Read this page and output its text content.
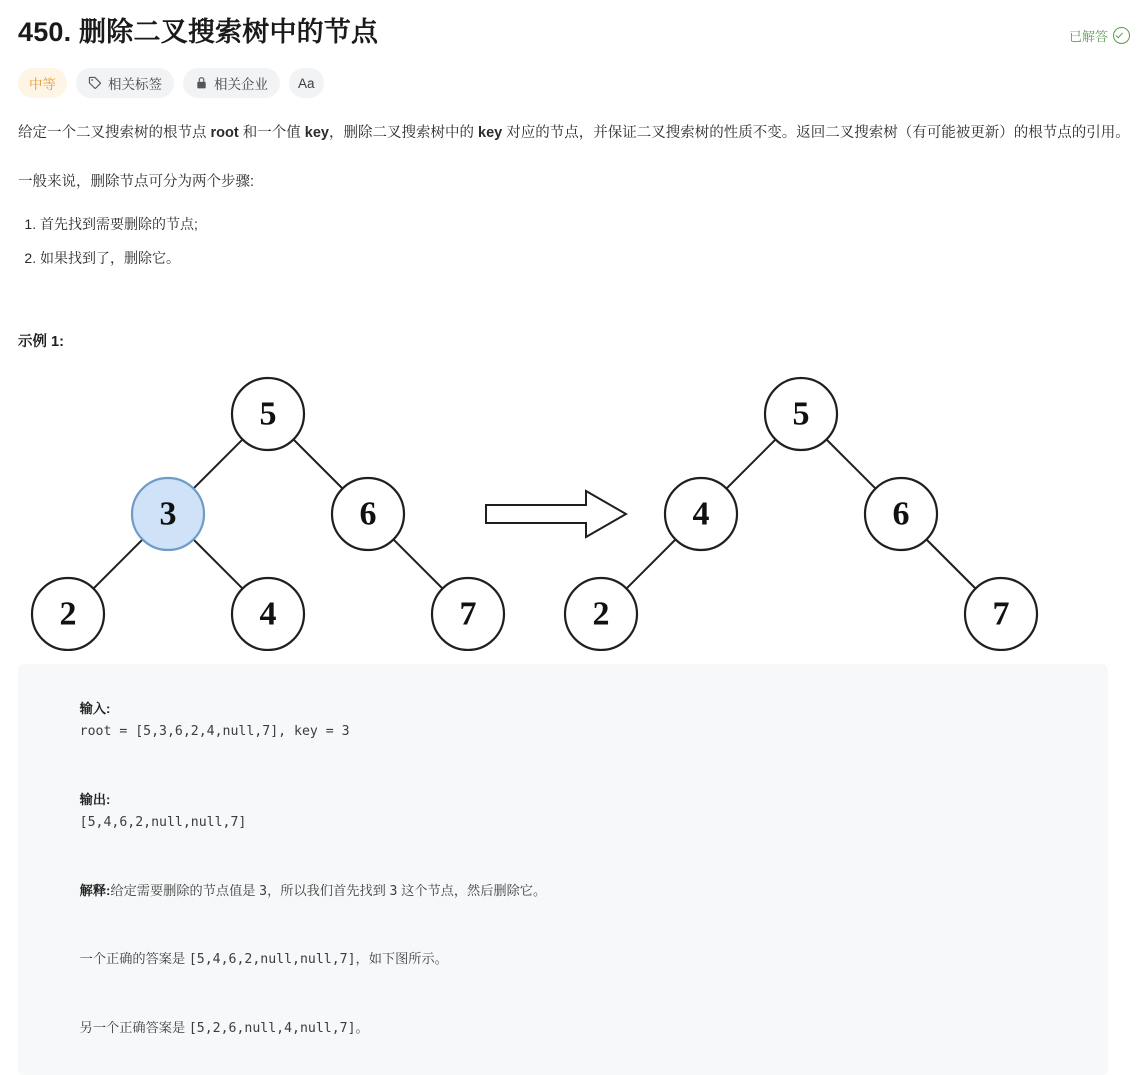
450. 删除二叉搜索树中的节点	已解答
中等	相关标签	相关企业 Aa

给定一个二叉搜索树的根节点 root 和一个值 key，删除二叉搜索树中的 key 对应的节点，并保证二叉搜索树的性质不变。返回二叉搜索树（有可能被更新）的根节点的引用。

一般来说，删除节点可分为两个步骤:

1. 首先找到需要删除的节点;
2. 如果找到了，删除它。
示例 1:
5
3	6
2	4	7
5
4	6
2	7

输入:
root = [5,3,6,2,4,null,7], key = 3

输出:
[5,4,6,2,null,null,7]

解释:给定需要删除的节点值是 3，所以我们首先找到 3 这个节点，然后删除它。

一个正确的答案是 [5,4,6,2,null,null,7]，如下图所示。

另一个正确答案是 [5,2,6,null,4,null,7]。
